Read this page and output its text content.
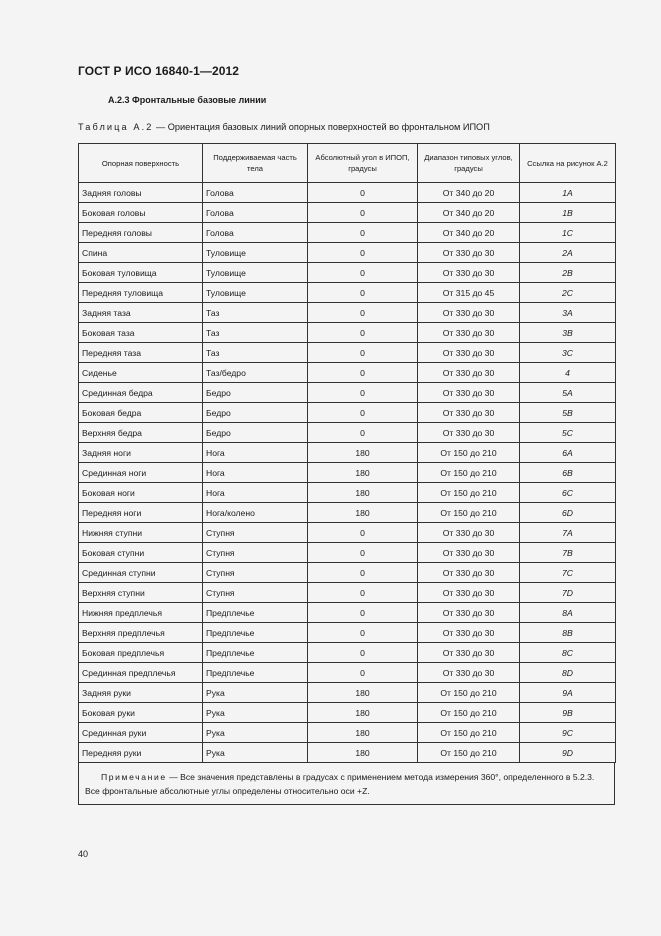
ГОСТ Р ИСО 16840-1—2012
А.2.3 Фронтальные базовые линии
Таблица А.2 — Ориентация базовых линий опорных поверхностей во фронтальном ИПОП
Опорная поверхность	Поддерживаемая часть тела	Абсолютный угол в ИПОП, градусы	Диапазон типовых углов, градусы	Ссылка на рисунок А.2
Задняя головы	Голова	0	От 340 до 20	1A
Боковая головы	Голова	0	От 340 до 20	1B
Передняя головы	Голова	0	От 340 до 20	1C
Спина	Туловище	0	От 330 до 30	2A
Боковая туловища	Туловище	0	От 330 до 30	2B
Передняя туловища	Туловище	0	От 315 до 45	2C
Задняя таза	Таз	0	От 330 до 30	3A
Боковая таза	Таз	0	От 330 до 30	3B
Передняя таза	Таз	0	От 330 до 30	3C
Сиденье	Таз/бедро	0	От 330 до 30	4
Срединная бедра	Бедро	0	От 330 до 30	5A
Боковая бедра	Бедро	0	От 330 до 30	5B
Верхняя бедра	Бедро	0	От 330 до 30	5C
Задняя ноги	Нога	180	От 150 до 210	6A
Срединная ноги	Нога	180	От 150 до 210	6B
Боковая ноги	Нога	180	От 150 до 210	6C
Передняя ноги	Нога/колено	180	От 150 до 210	6D
Нижняя ступни	Ступня	0	От 330 до 30	7A
Боковая ступни	Ступня	0	От 330 до 30	7B
Срединная ступни	Ступня	0	От 330 до 30	7C
Верхняя ступни	Ступня	0	От 330 до 30	7D
Нижняя предплечья	Предплечье	0	От 330 до 30	8A
Верхняя предплечья	Предплечье	0	От 330 до 30	8B
Боковая предплечья	Предплечье	0	От 330 до 30	8C
Срединная предплечья	Предплечье	0	От 330 до 30	8D
Задняя руки	Рука	180	От 150 до 210	9A
Боковая руки	Рука	180	От 150 до 210	9B
Срединная руки	Рука	180	От 150 до 210	9C
Передняя руки	Рука	180	От 150 до 210	9D
Примечание — Все значения представлены в градусах с применением метода измерения 360°, определенного в 5.2.3. Все фронтальные абсолютные углы определены относительно оси +Z.
40
